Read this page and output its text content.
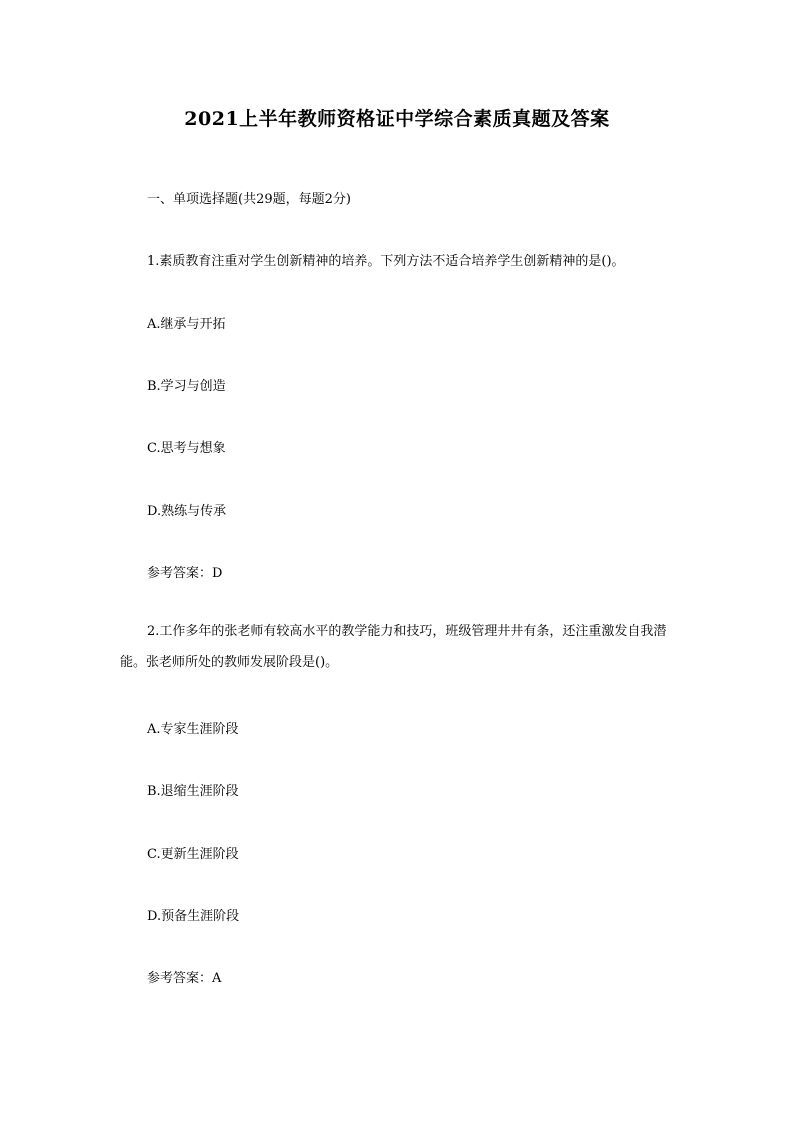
2021上半年教师资格证中学综合素质真题及答案

一、单项选择题(共29题，每题2分)

1.素质教育注重对学生创新精神的培养。下列方法不适合培养学生创新精神的是()。

A.继承与开拓

B.学习与创造

C.思考与想象

D.熟练与传承

参考答案：D

2.工作多年的张老师有较高水平的教学能力和技巧，班级管理井井有条，还注重激发自我潜能。张老师所处的教师发展阶段是()。

A.专家生涯阶段

B.退缩生涯阶段

C.更新生涯阶段

D.预备生涯阶段

参考答案：A
